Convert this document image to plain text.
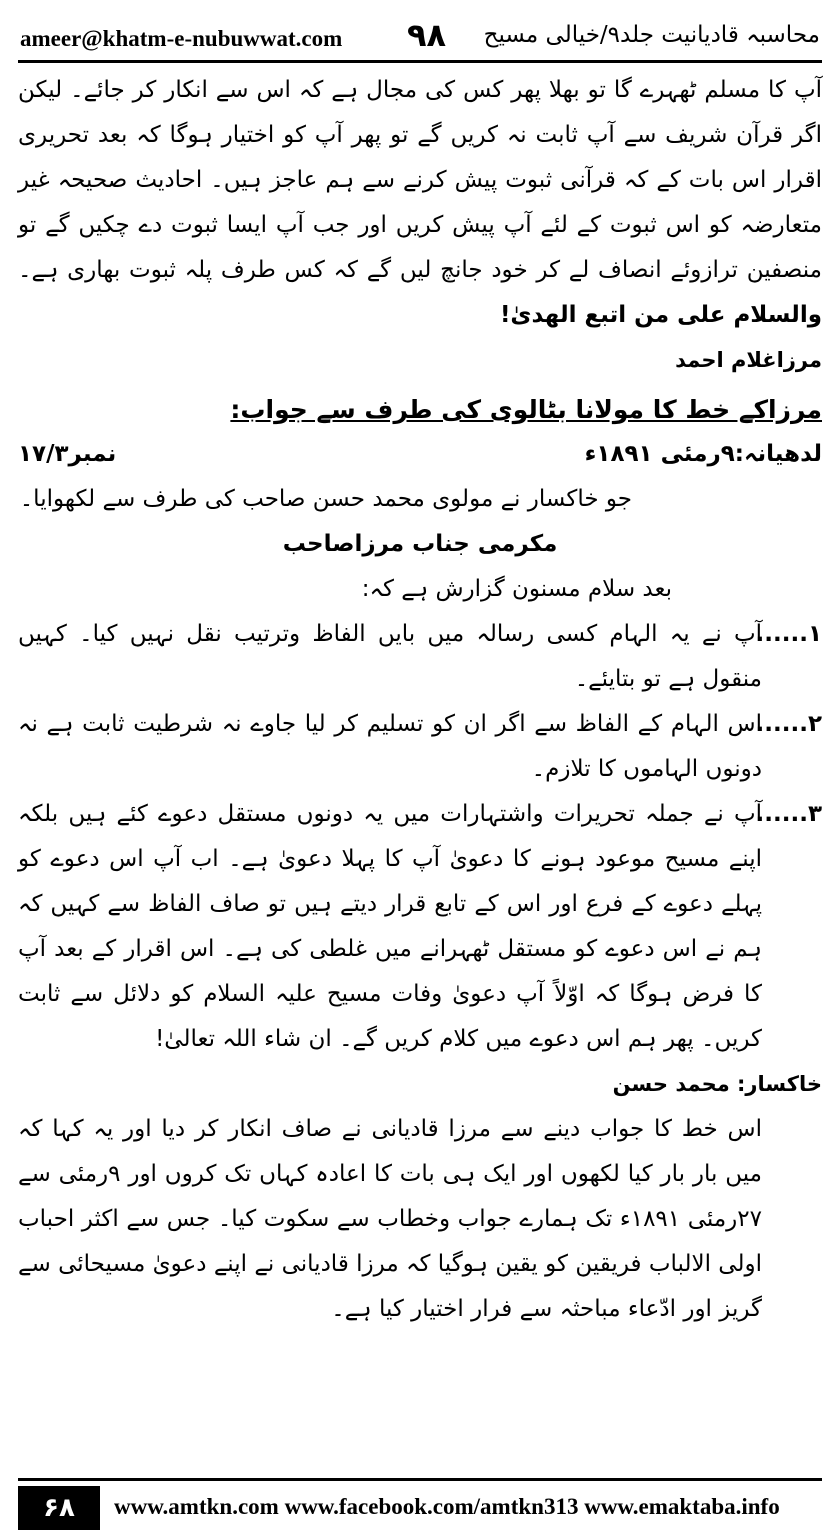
ameer@khatm-e-nubuwwat.com ۹۸ محاسبہ قادیانیت جلد۹/خیالی مسیح

آپ کا مسلم ٹھہرے گا تو بھلا پھر کس کی مجال ہے کہ اس سے انکار کر جائے۔ لیکن اگر قرآن شریف سے آپ ثابت نہ کریں گے تو پھر آپ کو اختیار ہوگا کہ بعد تحریری اقرار اس بات کے کہ قرآنی ثبوت پیش کرنے سے ہم عاجز ہیں۔ احادیث صحیحہ غیر متعارضہ کو اس ثبوت کے لئے آپ پیش کریں اور جب آپ ایسا ثبوت دے چکیں گے تو منصفین ترازوئے انصاف لے کر خود جانچ لیں گے کہ کس طرف پلہ ثبوت بھاری ہے۔ والسلام علی من اتبع الھدیٰ!

مرزاغلام احمد

مرزاکے خط کا مولانا بٹالوی کی طرف سے جواب:

لدھیانہ:۹رمئی ۱۸۹۱ء
نمبر۱۷/۳

جو خاکسار نے مولوی محمد حسن صاحب کی طرف سے لکھوایا۔

مکرمی جناب مرزاصاحب

بعد سلام مسنون گزارش ہے کہ:

۱......
آپ نے یہ الہام کسی رسالہ میں بایں الفاظ وترتیب نقل نہیں کیا۔ کہیں منقول ہے تو بتایئے۔
۲......
اس الہام کے الفاظ سے اگر ان کو تسلیم کر لیا جاوے نہ شرطیت ثابت ہے نہ دونوں الہاموں کا تلازم۔
۳......
آپ نے جملہ تحریرات واشتہارات میں یہ دونوں مستقل دعوے کئے ہیں بلکہ اپنے مسیح موعود ہونے کا دعویٰ آپ کا پہلا دعویٰ ہے۔ اب آپ اس دعوے کو پہلے دعوے کے فرع اور اس کے تابع قرار دیتے ہیں تو صاف الفاظ سے کہیں کہ ہم نے اس دعوے کو مستقل ٹھہرانے میں غلطی کی ہے۔ اس اقرار کے بعد آپ کا فرض ہوگا کہ اوّلاً آپ دعویٰ وفات مسیح علیہ السلام کو دلائل سے ثابت کریں۔ پھر ہم اس دعوے میں کلام کریں گے۔ ان شاء اللہ تعالیٰ!

خاکسار: محمد حسن

اس خط کا جواب دینے سے مرزا قادیانی نے صاف انکار کر دیا اور یہ کہا کہ میں بار بار کیا لکھوں اور ایک ہی بات کا اعادہ کہاں تک کروں اور ۹رمئی سے ۲۷رمئی ۱۸۹۱ء تک ہمارے جواب وخطاب سے سکوت کیا۔ جس سے اکثر احباب اولی الالباب فریقین کو یقین ہوگیا کہ مرزا قادیانی نے اپنے دعویٰ مسیحائی سے گریز اور ادّعاء مباحثہ سے فرار اختیار کیا ہے۔

۶۸	www.amtkn.com www.facebook.com/amtkn313 www.emaktaba.info
